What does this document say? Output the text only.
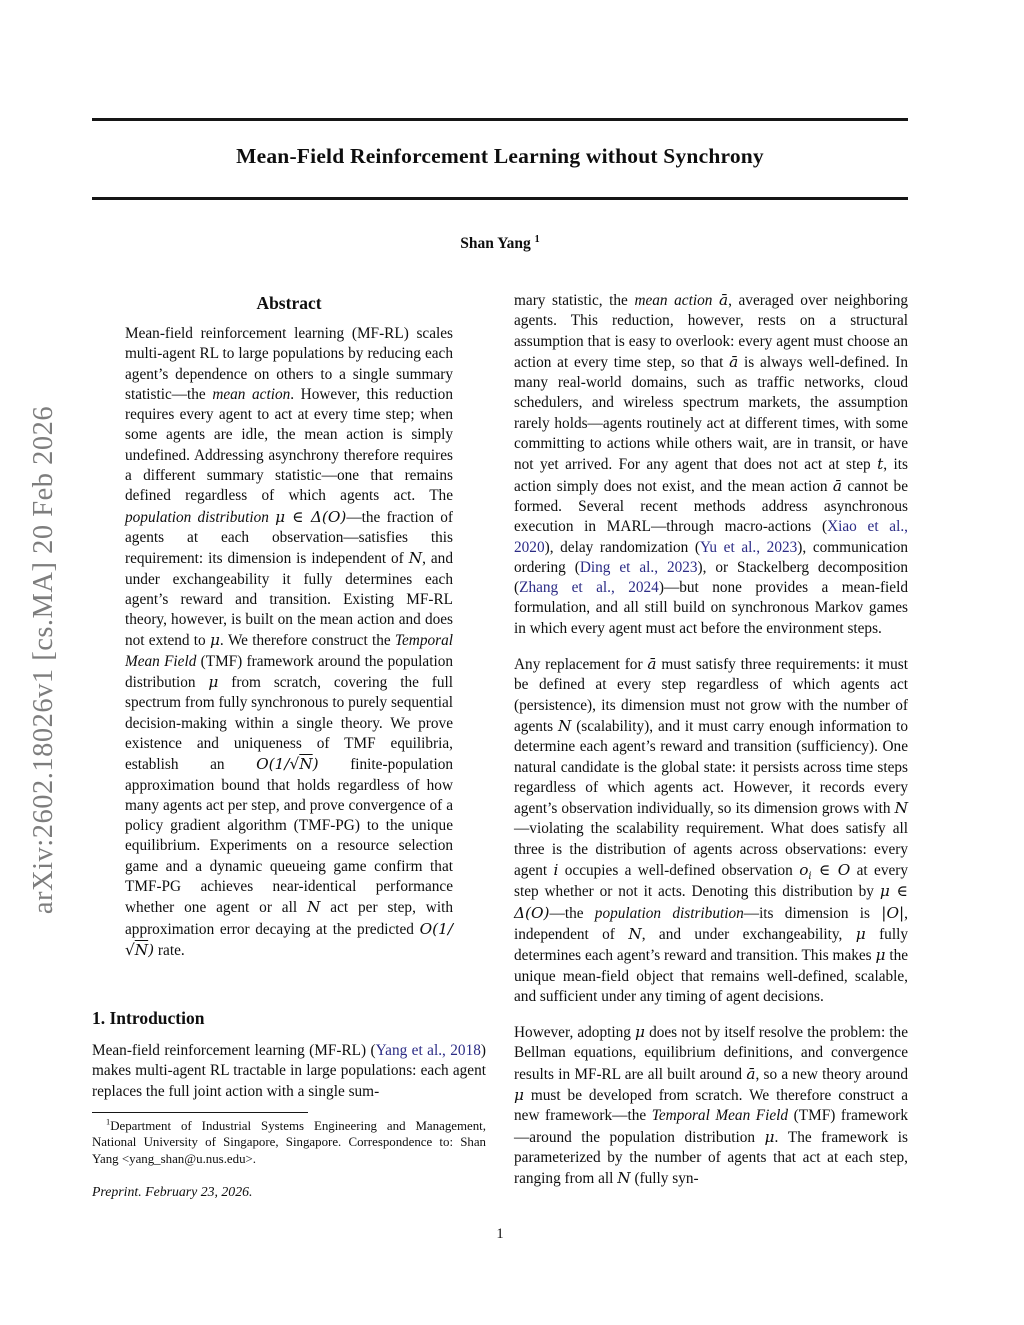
arXiv:2602.18026v1 [cs.MA] 20 Feb 2026
Mean-Field Reinforcement Learning without Synchrony
Shan Yang $^1$
Abstract
Mean-field reinforcement learning (MF-RL) scales multi-agent RL to large populations by reducing each agent’s dependence on others to a single summary statistic—the mean action. However, this reduction requires every agent to act at every time step; when some agents are idle, the mean action is simply undefined. Addressing asynchrony therefore requires a different summary statistic—one that remains defined regardless of which agents act. The population distribution μ ∈ Δ(O)—the fraction of agents at each observation—satisfies this requirement: its dimension is independent of N, and under exchangeability it fully determines each agent’s reward and transition. Existing MF-RL theory, however, is built on the mean action and does not extend to μ. We therefore construct the Temporal Mean Field (TMF) framework around the population distribution μ from scratch, covering the full spectrum from fully synchronous to purely sequential decision-making within a single theory. We prove existence and uniqueness of TMF equilibria, establish an O(1/√N) finite-population approximation bound that holds regardless of how many agents act per step, and prove convergence of a policy gradient algorithm (TMF-PG) to the unique equilibrium. Experiments on a resource selection game and a dynamic queueing game confirm that TMF-PG achieves near-identical performance whether one agent or all N act per step, with approximation error decaying at the predicted O(1/√N) rate.
1. Introduction
Mean-field reinforcement learning (MF-RL) (Yang et al., 2018) makes multi-agent RL tractable in large populations: each agent replaces the full joint action with a single sum-
$^1$Department of Industrial Systems Engineering and Management, National University of Singapore, Singapore. Correspondence to: Shan Yang <yang_shan@u.nus.edu>.
Preprint. February 23, 2026.

mary statistic, the mean action ā, averaged over neighboring agents. This reduction, however, rests on a structural assumption that is easy to overlook: every agent must choose an action at every time step, so that ā is always well-defined. In many real-world domains, such as traffic networks, cloud schedulers, and wireless spectrum markets, the assumption rarely holds—agents routinely act at different times, with some committing to actions while others wait, are in transit, or have not yet arrived. For any agent that does not act at step t, its action simply does not exist, and the mean action ā cannot be formed. Several recent methods address asynchronous execution in MARL—through macro-actions (Xiao et al., 2020), delay randomization (Yu et al., 2023), communication ordering (Ding et al., 2023), or Stackelberg decomposition (Zhang et al., 2024)—but none provides a mean-field formulation, and all still build on synchronous Markov games in which every agent must act before the environment steps.

Any replacement for ā must satisfy three requirements: it must be defined at every step regardless of which agents act (persistence), its dimension must not grow with the number of agents N (scalability), and it must carry enough information to determine each agent’s reward and transition (sufficiency). One natural candidate is the global state: it persists across time steps regardless of which agents act. However, it records every agent’s observation individually, so its dimension grows with N—violating the scalability requirement. What does satisfy all three is the distribution of agents across observations: every agent i occupies a well-defined observation $o_i$ ∈ O at every step whether or not it acts. Denoting this distribution by μ ∈ Δ(O)—the population distribution—its dimension is |O|, independent of N, and under exchangeability, μ fully determines each agent’s reward and transition. This makes μ the unique mean-field object that remains well-defined, scalable, and sufficient under any timing of agent decisions.

However, adopting μ does not by itself resolve the problem: the Bellman equations, equilibrium definitions, and convergence results in MF-RL are all built around ā, so a new theory around μ must be developed from scratch. We therefore construct a new framework—the Temporal Mean Field (TMF) framework—around the population distribution μ. The framework is parameterized by the number of agents that act at each step, ranging from all N (fully syn-

1
